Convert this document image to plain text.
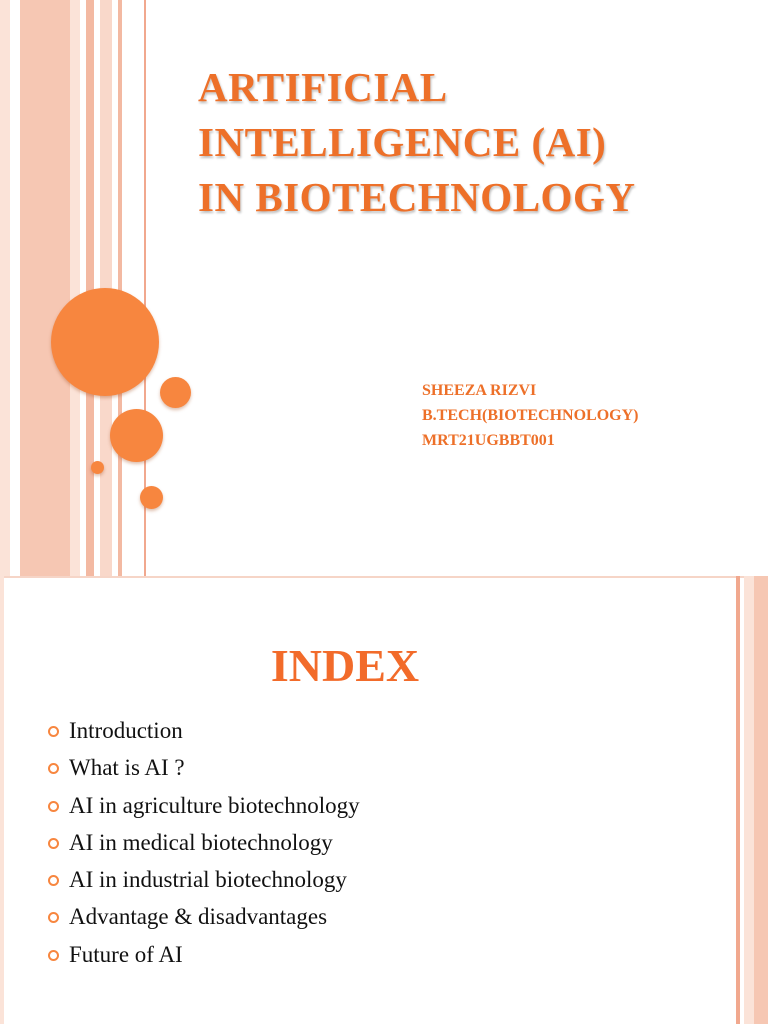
ARTIFICIAL
INTELLIGENCE (AI)
IN BIOTECHNOLOGY
SHEEZA RIZVI
B.TECH(BIOTECHNOLOGY)
MRT21UGBBT001
INDEX
Introduction
What is AI ?
AI in agriculture biotechnology
AI in medical biotechnology
AI in industrial biotechnology
Advantage & disadvantages
Future of AI
